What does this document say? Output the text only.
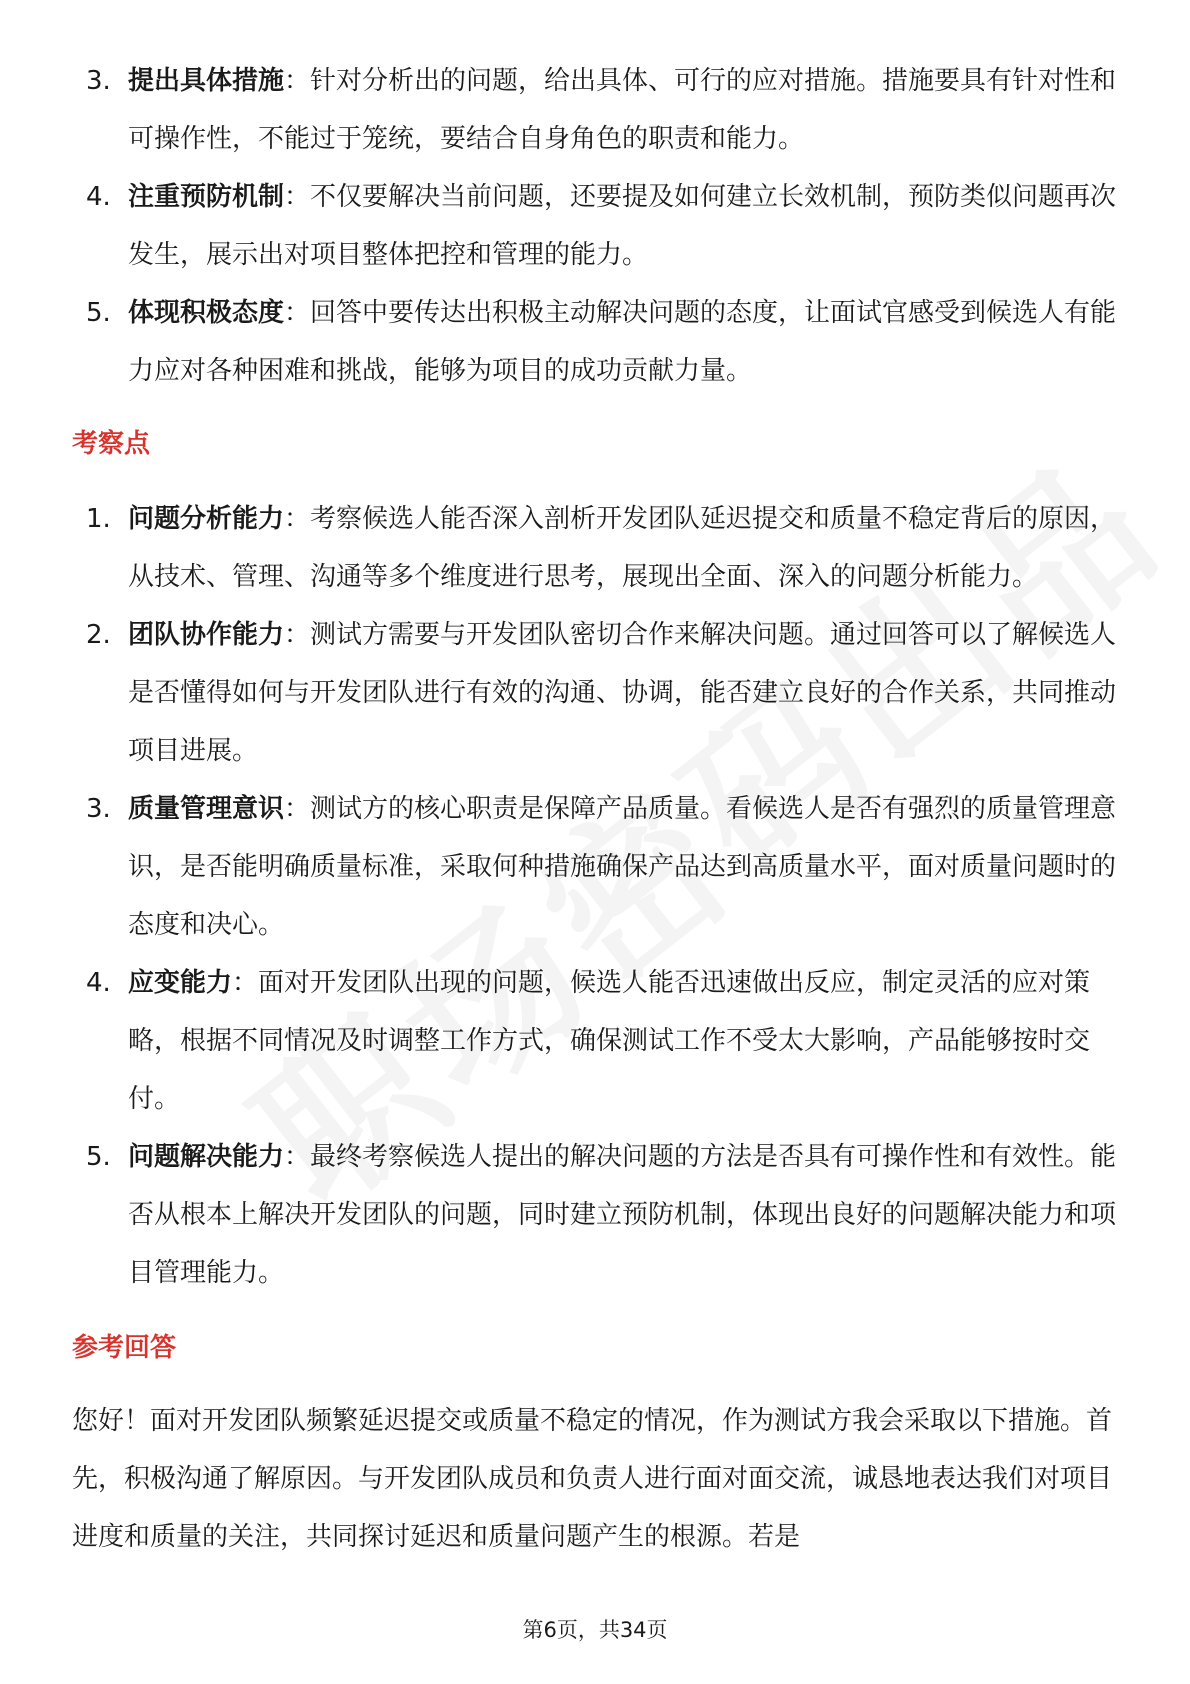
3. 提出具体措施：针对分析出的问题，给出具体、可行的应对措施。措施要具有针对性和可操作性，不能过于笼统，要结合自身角色的职责和能力。
4. 注重预防机制：不仅要解决当前问题，还要提及如何建立长效机制，预防类似问题再次发生，展示出对项目整体把控和管理的能力。
5. 体现积极态度：回答中要传达出积极主动解决问题的态度，让面试官感受到候选人有能力应对各种困难和挑战，能够为项目的成功贡献力量。
考察点
1. 问题分析能力：考察候选人能否深入剖析开发团队延迟提交和质量不稳定背后的原因，从技术、管理、沟通等多个维度进行思考，展现出全面、深入的问题分析能力。
2. 团队协作能力：测试方需要与开发团队密切合作来解决问题。通过回答可以了解候选人是否懂得如何与开发团队进行有效的沟通、协调，能否建立良好的合作关系，共同推动项目进展。
3. 质量管理意识：测试方的核心职责是保障产品质量。看候选人是否有强烈的质量管理意识，是否能明确质量标准，采取何种措施确保产品达到高质量水平，面对质量问题时的态度和决心。
4. 应变能力：面对开发团队出现的问题，候选人能否迅速做出反应，制定灵活的应对策略，根据不同情况及时调整工作方式，确保测试工作不受太大影响，产品能够按时交付。
5. 问题解决能力：最终考察候选人提出的解决问题的方法是否具有可操作性和有效性。能否从根本上解决开发团队的问题，同时建立预防机制，体现出良好的问题解决能力和项目管理能力。
参考回答

您好！面对开发团队频繁延迟提交或质量不稳定的情况，作为测试方我会采取以下措施。首先，积极沟通了解原因。与开发团队成员和负责人进行面对面交流，诚恳地表达我们对项目进度和质量的关注，共同探讨延迟和质量问题产生的根源。若是

第6页，共34页
